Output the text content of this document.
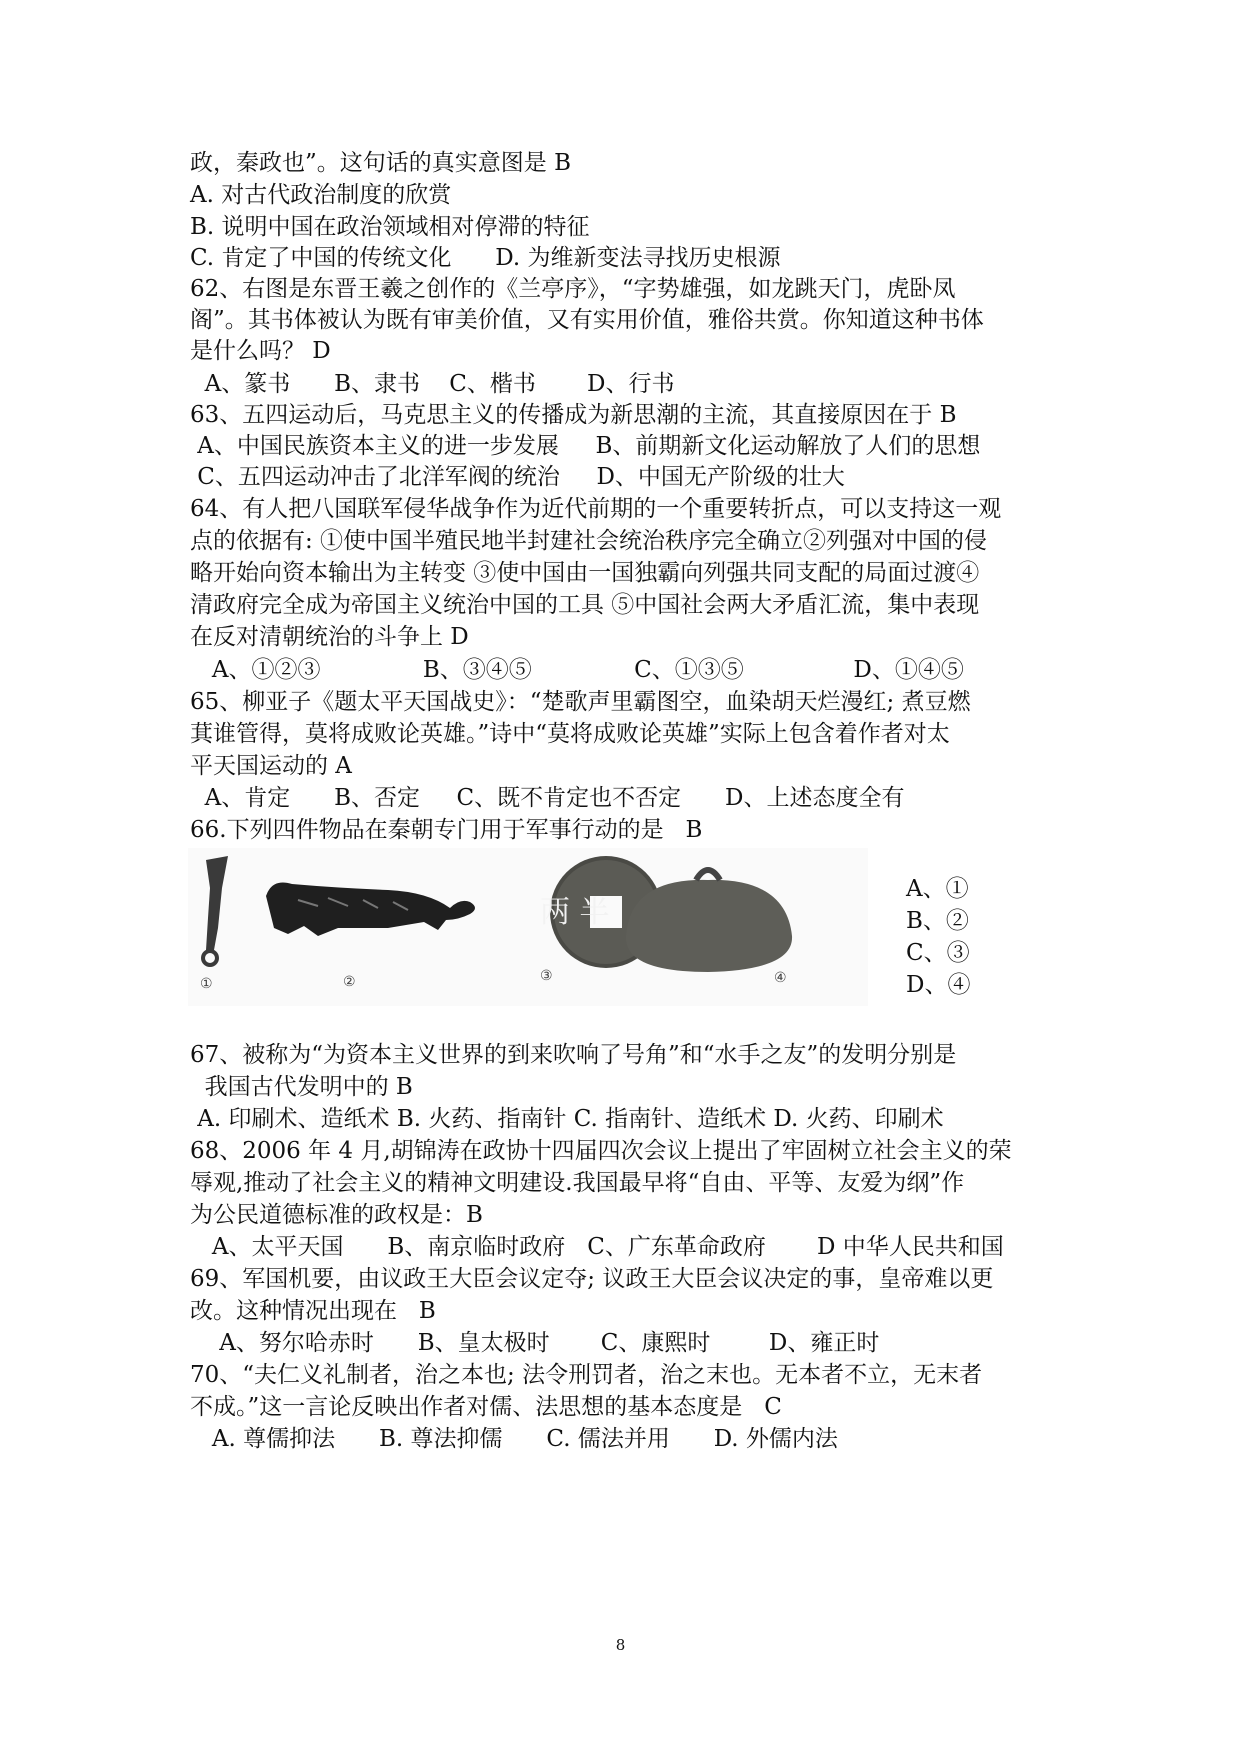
政，秦政也”。这句话的真实意图是 B
A. 对古代政治制度的欣赏
B. 说明中国在政治领域相对停滞的特征
C. 肯定了中国的传统文化      D. 为维新变法寻找历史根源
62、右图是东晋王羲之创作的《兰亭序》，“字势雄强，如龙跳天门，虎卧凤
阁”。其书体被认为既有审美价值，又有实用价值，雅俗共赏。你知道这种书体
是什么吗？ D
A、篆书      B、隶书    C、楷书       D、行书
63、五四运动后，马克思主义的传播成为新思潮的主流，其直接原因在于 B
A、中国民族资本主义的进一步发展     B、前期新文化运动解放了人们的思想
C、五四运动冲击了北洋军阀的统治     D、中国无产阶级的壮大
64、有人把八国联军侵华战争作为近代前期的一个重要转折点，可以支持这一观
点的依据有: ①使中国半殖民地半封建社会统治秩序完全确立②列强对中国的侵
略开始向资本输出为主转变 ③使中国由一国独霸向列强共同支配的局面过渡④
清政府完全成为帝国主义统治中国的工具 ⑤中国社会两大矛盾汇流，集中表现
在反对清朝统治的斗争上 D
A、①②③              B、③④⑤              C、①③⑤               D、①④⑤
65、柳亚子《题太平天国战史》：“楚歌声里霸图空，血染胡天烂漫红; 煮豆燃
萁谁管得，莫将成败论英雄。”诗中“莫将成败论英雄”实际上包含着作者对太
平天国运动的 A
A、肯定      B、否定     C、既不肯定也不否定      D、上述态度全有
66.下列四件物品在秦朝专门用于军事行动的是   B
两 半
①	②	③	④
A、①
B、②
C、③
D、④
67、被称为“为资本主义世界的到来吹响了号角”和“水手之友”的发明分别是
我国古代发明中的 B
A. 印刷术、造纸术 B. 火药、指南针 C. 指南针、造纸术 D. 火药、印刷术
68、2006 年 4 月,胡锦涛在政协十四届四次会议上提出了牢固树立社会主义的荣
辱观,推动了社会主义的精神文明建设.我国最早将“自由、平等、友爱为纲”作
为公民道德标准的政权是：B
A、太平天国      B、南京临时政府   C、广东革命政府       D 中华人民共和国
69、军国机要，由议政王大臣会议定夺; 议政王大臣会议决定的事，皇帝难以更
改。这种情况出现在   B
A、努尔哈赤时      B、皇太极时       C、康熙时        D、雍正时
70、“夫仁义礼制者，治之本也; 法令刑罚者，治之末也。无本者不立，无末者
不成。”这一言论反映出作者对儒、法思想的基本态度是   C
A. 尊儒抑法      B. 尊法抑儒      C. 儒法并用      D. 外儒内法
8
